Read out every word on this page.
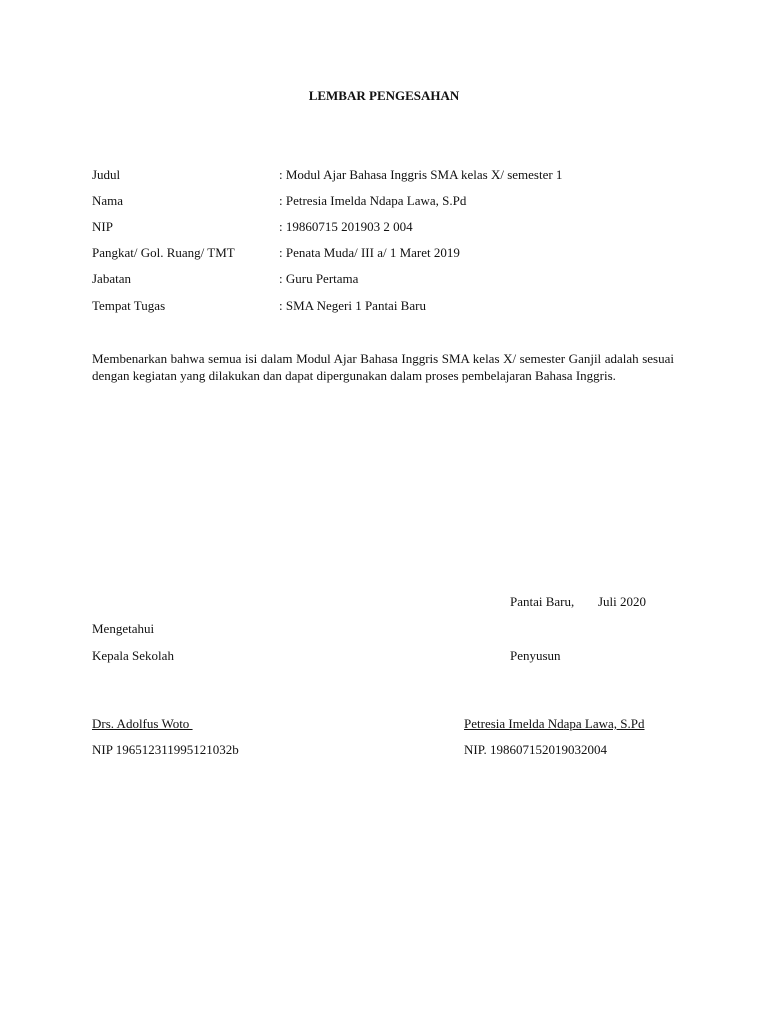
LEMBAR PENGESAHAN
Judul	: Modul Ajar Bahasa Inggris SMA kelas X/ semester 1
Nama	: Petresia Imelda Ndapa Lawa, S.Pd
NIP	: 19860715 201903 2 004
Pangkat/ Gol. Ruang/ TMT	: Penata Muda/ III a/ 1 Maret 2019
Jabatan	: Guru Pertama
Tempat Tugas	: SMA Negeri 1 Pantai Baru
Membenarkan bahwa semua isi dalam Modul Ajar Bahasa Inggris SMA kelas X/ semester Ganjil adalah sesuai dengan kegiatan yang dilakukan dan dapat dipergunakan dalam proses pembelajaran Bahasa Inggris.
Pantai Baru, Juli 2020
Mengetahui
Kepala Sekolah
Drs. Adolfus Woto
NIP 196512311995121032b
Penyusun
Petresia Imelda Ndapa Lawa, S.Pd
NIP. 198607152019032004
